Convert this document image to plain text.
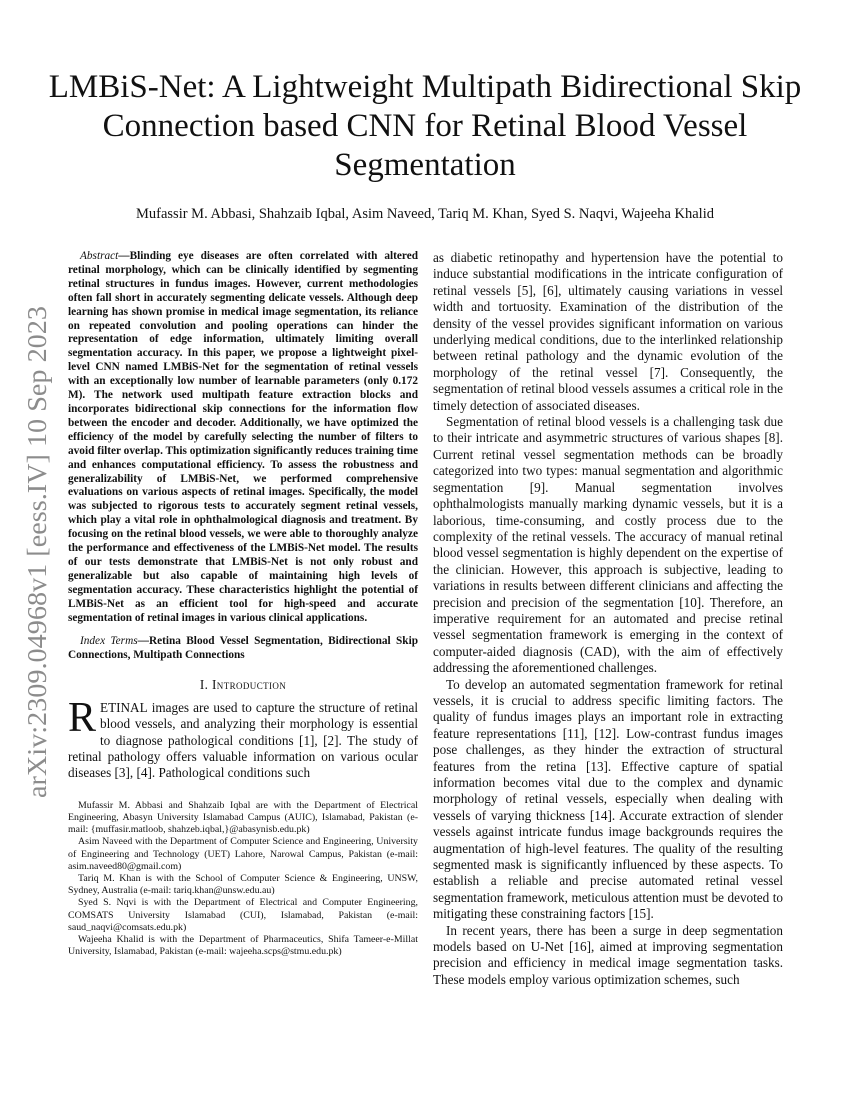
arXiv:2309.04968v1 [eess.IV] 10 Sep 2023
LMBiS-Net: A Lightweight Multipath Bidirectional Skip Connection based CNN for Retinal Blood Vessel Segmentation

Mufassir M. Abbasi, Shahzaib Iqbal, Asim Naveed, Tariq M. Khan, Syed S. Naqvi, Wajeeha Khalid

Abstract—Blinding eye diseases are often correlated with altered retinal morphology, which can be clinically identified by segmenting retinal structures in fundus images. However, current methodologies often fall short in accurately segmenting delicate vessels. Although deep learning has shown promise in medical image segmentation, its reliance on repeated convolution and pooling operations can hinder the representation of edge information, ultimately limiting overall segmentation accuracy. In this paper, we propose a lightweight pixel-level CNN named LMBiS-Net for the segmentation of retinal vessels with an exceptionally low number of learnable parameters (only 0.172 M). The network used multipath feature extraction blocks and incorporates bidirectional skip connections for the information flow between the encoder and decoder. Additionally, we have optimized the efficiency of the model by carefully selecting the number of filters to avoid filter overlap. This optimization significantly reduces training time and enhances computational efficiency. To assess the robustness and generalizability of LMBiS-Net, we performed comprehensive evaluations on various aspects of retinal images. Specifically, the model was subjected to rigorous tests to accurately segment retinal vessels, which play a vital role in ophthalmological diagnosis and treatment. By focusing on the retinal blood vessels, we were able to thoroughly analyze the performance and effectiveness of the LMBiS-Net model. The results of our tests demonstrate that LMBiS-Net is not only robust and generalizable but also capable of maintaining high levels of segmentation accuracy. These characteristics highlight the potential of LMBiS-Net as an efficient tool for high-speed and accurate segmentation of retinal images in various clinical applications.

Index Terms—Retina Blood Vessel Segmentation, Bidirectional Skip Connections, Multipath Connections

I. Introduction

RETINAL images are used to capture the structure of retinal blood vessels, and analyzing their morphology is essential to diagnose pathological conditions [1], [2]. The study of retinal pathology offers valuable information on various ocular diseases [3], [4]. Pathological conditions such

Mufassir M. Abbasi and Shahzaib Iqbal are with the Department of Electrical Engineering, Abasyn University Islamabad Campus (AUIC), Islamabad, Pakistan (e-mail: {muffasir.matloob, shahzeb.iqbal,}@abasynisb.edu.pk)

Asim Naveed with the Department of Computer Science and Engineering, University of Engineering and Technology (UET) Lahore, Narowal Campus, Pakistan (e-mail: asim.naveed80@gmail.com)

Tariq M. Khan is with the School of Computer Science & Engineering, UNSW, Sydney, Australia (e-mail: tariq.khan@unsw.edu.au)

Syed S. Nqvi is with the Department of Electrical and Computer Engineering, COMSATS University Islamabad (CUI), Islamabad, Pakistan (e-mail: saud_naqvi@comsats.edu.pk)

Wajeeha Khalid is with the Department of Pharmaceutics, Shifa Tameer-e-Millat University, Islamabad, Pakistan (e-mail: wajeeha.scps@stmu.edu.pk)

as diabetic retinopathy and hypertension have the potential to induce substantial modifications in the intricate configuration of retinal vessels [5], [6], ultimately causing variations in vessel width and tortuosity. Examination of the distribution of the density of the vessel provides significant information on various underlying medical conditions, due to the interlinked relationship between retinal pathology and the dynamic evolution of the morphology of the retinal vessel [7]. Consequently, the segmentation of retinal blood vessels assumes a critical role in the timely detection of associated diseases.

Segmentation of retinal blood vessels is a challenging task due to their intricate and asymmetric structures of various shapes [8]. Current retinal vessel segmentation methods can be broadly categorized into two types: manual segmentation and algorithmic segmentation [9]. Manual segmentation involves ophthalmologists manually marking dynamic vessels, but it is a laborious, time-consuming, and costly process due to the complexity of the retinal vessels. The accuracy of manual retinal blood vessel segmentation is highly dependent on the expertise of the clinician. However, this approach is subjective, leading to variations in results between different clinicians and affecting the precision and precision of the segmentation [10]. Therefore, an imperative requirement for an automated and precise retinal vessel segmentation framework is emerging in the context of computer-aided diagnosis (CAD), with the aim of effectively addressing the aforementioned challenges.

To develop an automated segmentation framework for retinal vessels, it is crucial to address specific limiting factors. The quality of fundus images plays an important role in extracting feature representations [11], [12]. Low-contrast fundus images pose challenges, as they hinder the extraction of structural features from the retina [13]. Effective capture of spatial information becomes vital due to the complex and dynamic morphology of retinal vessels, especially when dealing with vessels of varying thickness [14]. Accurate extraction of slender vessels against intricate fundus image backgrounds requires the augmentation of high-level features. The quality of the resulting segmented mask is significantly influenced by these aspects. To establish a reliable and precise automated retinal vessel segmentation framework, meticulous attention must be devoted to mitigating these constraining factors [15].

In recent years, there has been a surge in deep segmentation models based on U-Net [16], aimed at improving segmentation precision and efficiency in medical image segmentation tasks. These models employ various optimization schemes, such
